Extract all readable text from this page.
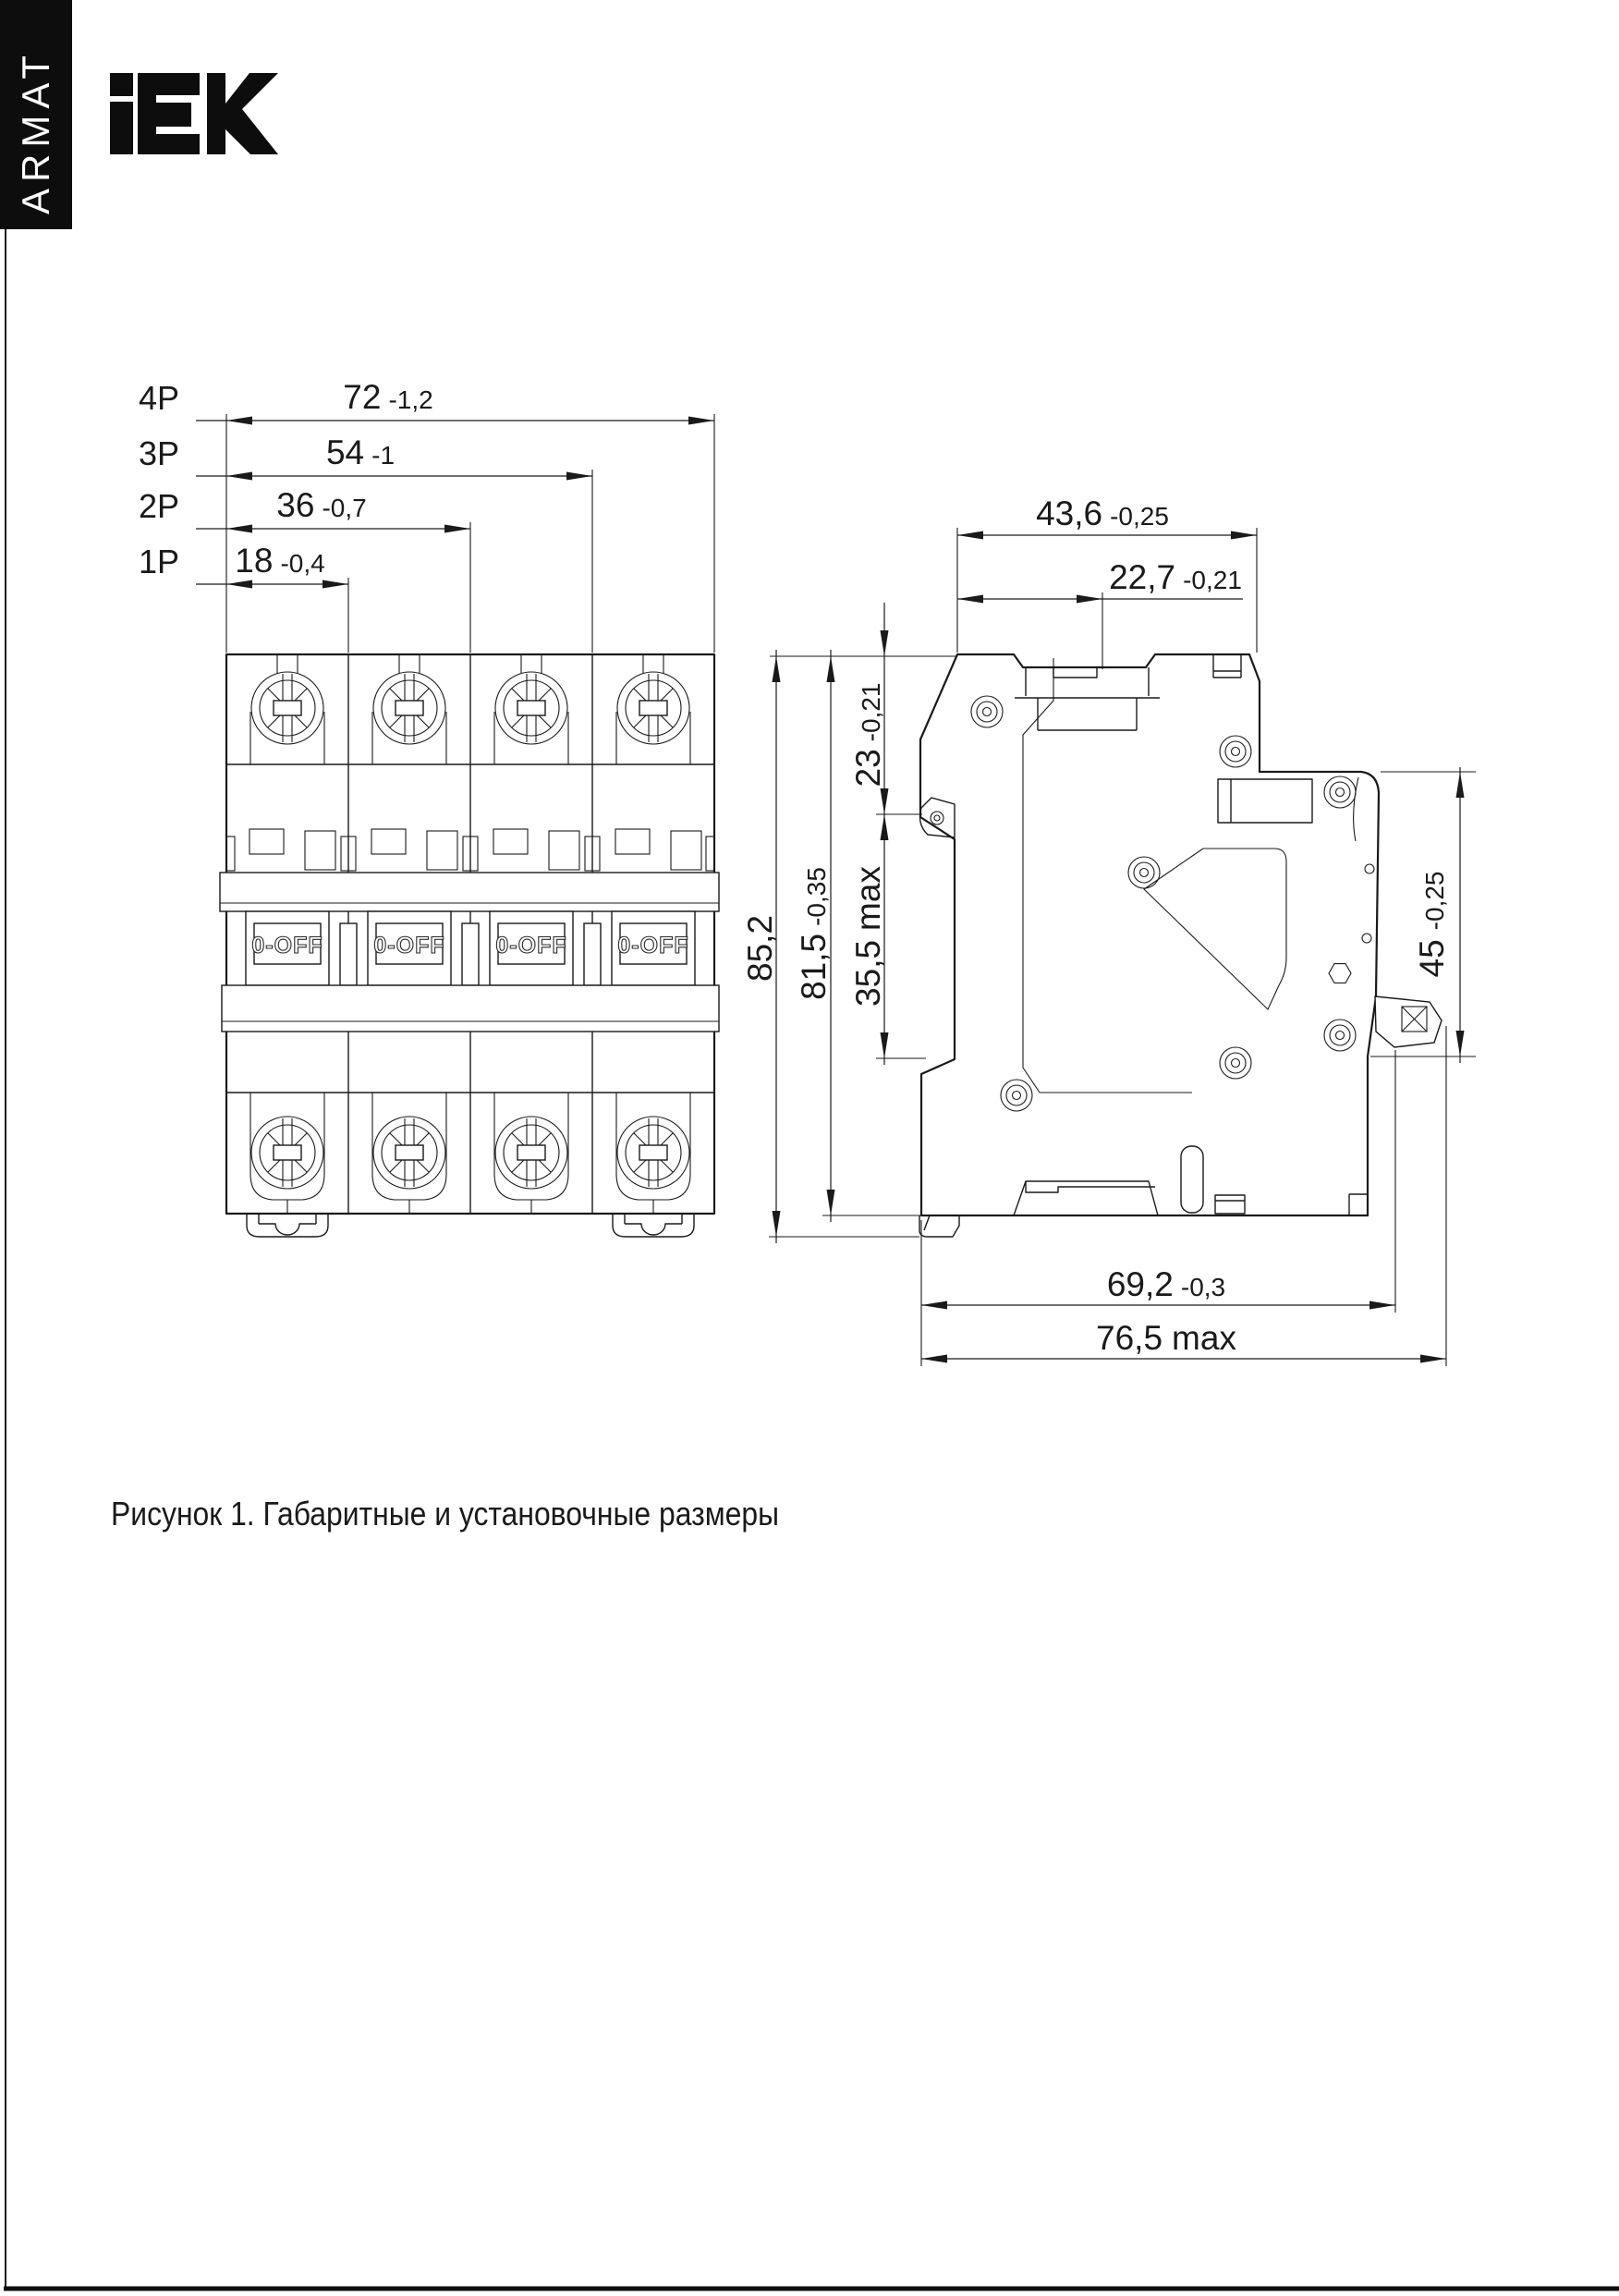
ARMAT
4P	72 -1,2
3P	54 -1
2P	36 -0,7
1P 18 -0,4
0-OFF 0-OFF 0-OFF 0-OFF
43,6 -0,25
22,7 -0,21
23-0,21
35,5max
81,5-0,35
85,2	45-0,25
69,2 -0,3
76,5 max
Рисунок 1. Габаритные и установочные размеры
